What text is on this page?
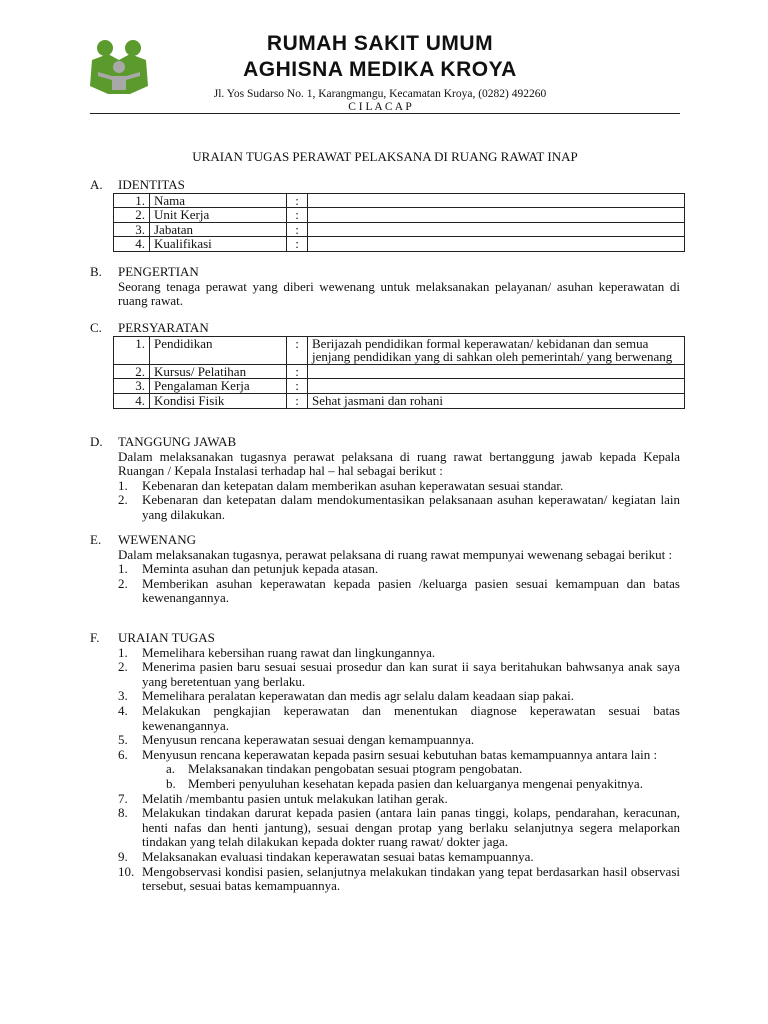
RUMAH SAKIT UMUM
AGHISNA MEDIKA KROYA
Jl. Yos Sudarso No. 1, Karangmangu, Kecamatan Kroya, (0282) 492260
C I L A C A P
URAIAN TUGAS PERAWAT PELAKSANA DI RUANG RAWAT INAP
A.	IDENTITAS
1.	Nama	:	
2.	Unit Kerja	:	
3.	Jabatan	:	
4.	Kualifikasi	:	
B.	PENGERTIAN
Seorang tenaga perawat yang diberi wewenang untuk melaksanakan pelayanan/ asuhan keperawatan di ruang rawat.
C.	PERSYARATAN
1.	Pendidikan	:	Berijazah pendidikan formal keperawatan/ kebidanan dan semua jenjang pendidikan yang di sahkan oleh pemerintah/ yang berwenang
2.	Kursus/ Pelatihan	:	
3.	Pengalaman Kerja	:	
4.	Kondisi Fisik	:	Sehat jasmani dan rohani
D.	TANGGUNG JAWAB
Dalam melaksanakan tugasnya perawat pelaksana di ruang rawat bertanggung jawab kepada Kepala Ruangan / Kepala Instalasi terhadap hal – hal sebagai berikut :
1.	Kebenaran dan ketepatan dalam memberikan asuhan keperawatan sesuai standar.
2.	Kebenaran dan ketepatan dalam mendokumentasikan pelaksanaan asuhan keperawatan/ kegiatan lain yang dilakukan.
E.	WEWENANG
Dalam melaksanakan tugasnya, perawat pelaksana di ruang rawat mempunyai wewenang sebagai berikut :
1.	Meminta asuhan dan petunjuk kepada atasan.
2.	Memberikan asuhan keperawatan kepada pasien /keluarga pasien sesuai kemampuan dan batas kewenangannya.
F.	URAIAN TUGAS
1.	Memelihara kebersihan ruang rawat dan lingkungannya.
2.	Menerima pasien baru sesuai sesuai prosedur dan kan surat ii saya beritahukan bahwsanya anak saya yang beretentuan yang berlaku.
3.	Memelihara peralatan keperawatan dan medis agr selalu dalam keadaan siap pakai.
4.	Melakukan pengkajian keperawatan dan menentukan diagnose keperawatan sesuai batas kewenangannya.
5.	Menyusun rencana keperawatan sesuai dengan kemampuannya.
6.	Menyusun rencana keperawatan kepada pasirn sesuai kebutuhan batas kemampuannya antara lain :
a. Melaksanakan tindakan pengobatan sesuai ptogram pengobatan.
b. Memberi penyuluhan kesehatan kepada pasien dan keluarganya mengenai penyakitnya.
7.	Melatih /membantu pasien untuk melakukan latihan gerak.
8.	Melakukan tindakan darurat kepada pasien (antara lain panas tinggi, kolaps, pendarahan, keracunan, henti nafas dan henti jantung), sesuai dengan protap yang berlaku selanjutnya segera melaporkan tindakan yang telah dilakukan kepada dokter ruang rawat/ dokter jaga.
9.	Melaksanakan evaluasi tindakan keperawatan sesuai batas kemampuannya.
10. Mengobservasi kondisi pasien, selanjutnya melakukan tindakan yang tepat berdasarkan hasil observasi tersebut, sesuai batas kemampuannya.
